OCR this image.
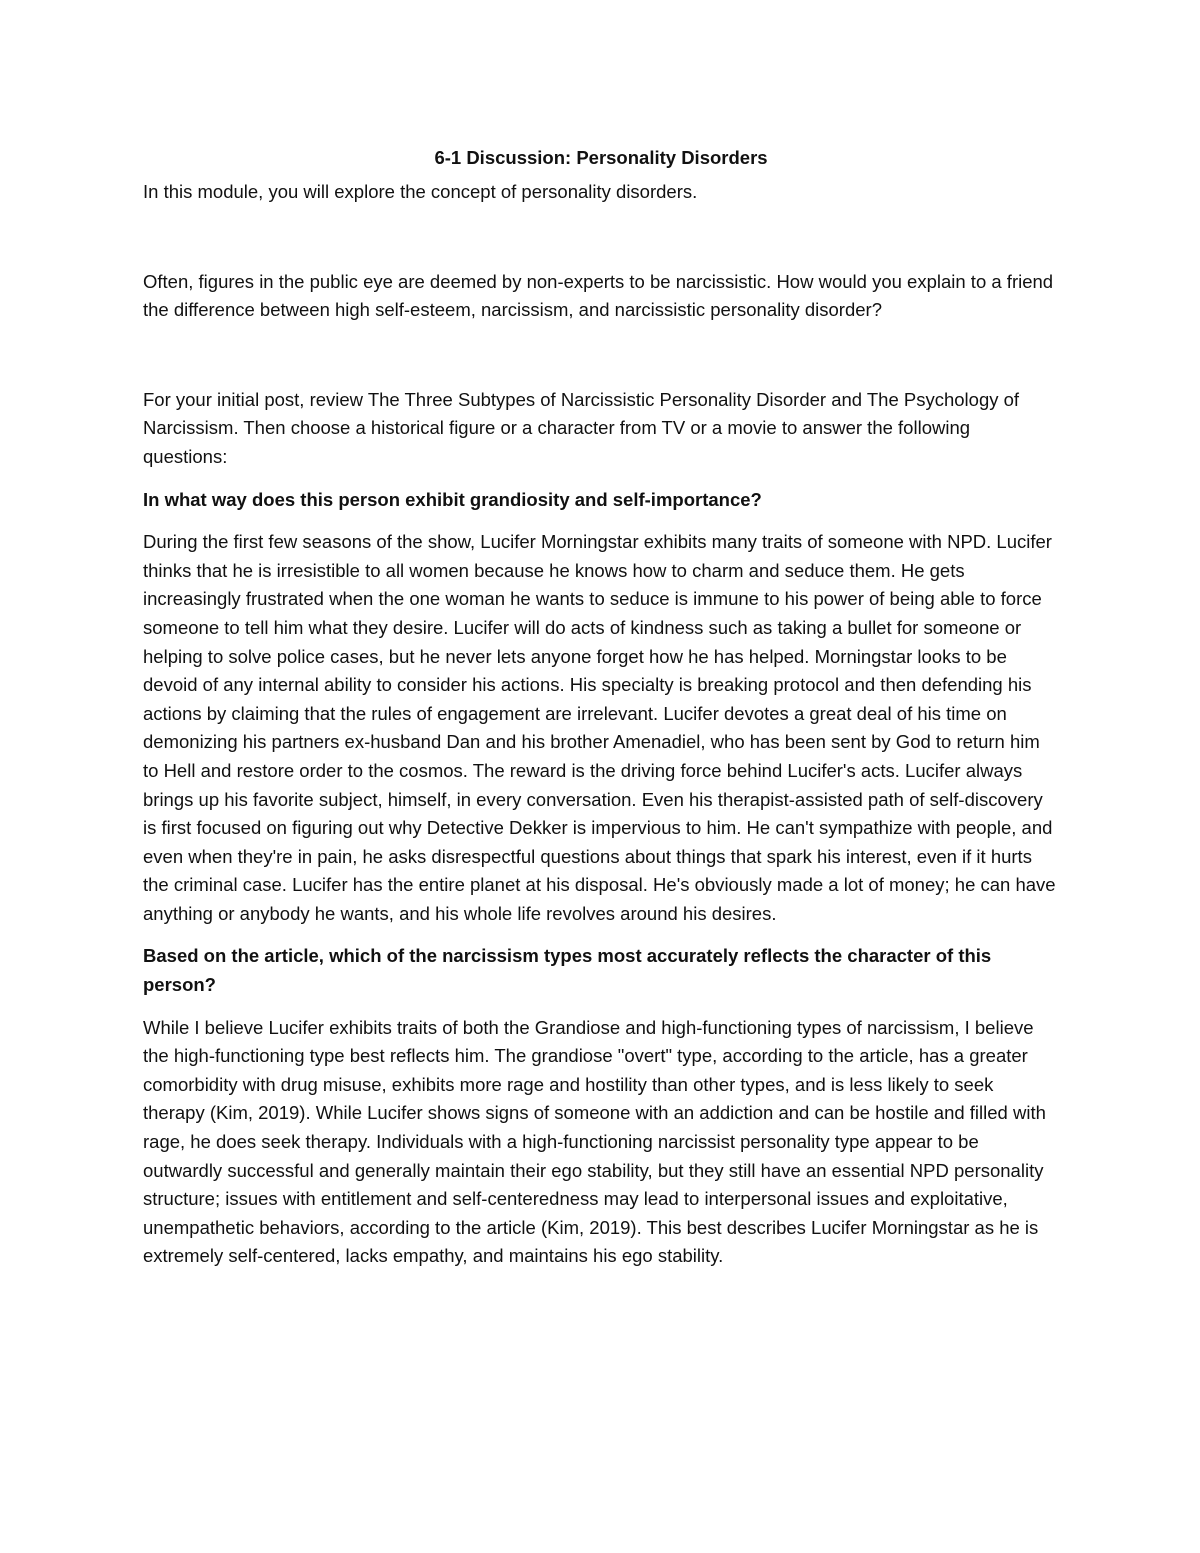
6-1 Discussion: Personality Disorders

In this module, you will explore the concept of personality disorders.

Often, figures in the public eye are deemed by non-experts to be narcissistic. How would you explain to a friend the difference between high self-esteem, narcissism, and narcissistic personality disorder?

For your initial post, review The Three Subtypes of Narcissistic Personality Disorder and The Psychology of Narcissism. Then choose a historical figure or a character from TV or a movie to answer the following questions:

In what way does this person exhibit grandiosity and self-importance?

During the first few seasons of the show, Lucifer Morningstar exhibits many traits of someone with NPD. Lucifer thinks that he is irresistible to all women because he knows how to charm and seduce them. He gets increasingly frustrated when the one woman he wants to seduce is immune to his power of being able to force someone to tell him what they desire. Lucifer will do acts of kindness such as taking a bullet for someone or helping to solve police cases, but he never lets anyone forget how he has helped. Morningstar looks to be devoid of any internal ability to consider his actions. His specialty is breaking protocol and then defending his actions by claiming that the rules of engagement are irrelevant. Lucifer devotes a great deal of his time on demonizing his partners ex-husband Dan and his brother Amenadiel, who has been sent by God to return him to Hell and restore order to the cosmos. The reward is the driving force behind Lucifer's acts. Lucifer always brings up his favorite subject, himself, in every conversation. Even his therapist-assisted path of self-discovery is first focused on figuring out why Detective Dekker is impervious to him. He can't sympathize with people, and even when they're in pain, he asks disrespectful questions about things that spark his interest, even if it hurts the criminal case. Lucifer has the entire planet at his disposal. He's obviously made a lot of money; he can have anything or anybody he wants, and his whole life revolves around his desires.

Based on the article, which of the narcissism types most accurately reflects the character of this person?

While I believe Lucifer exhibits traits of both the Grandiose and high-functioning types of narcissism, I believe the high-functioning type best reflects him. The grandiose "overt" type, according to the article, has a greater comorbidity with drug misuse, exhibits more rage and hostility than other types, and is less likely to seek therapy (Kim, 2019). While Lucifer shows signs of someone with an addiction and can be hostile and filled with rage, he does seek therapy. Individuals with a high-functioning narcissist personality type appear to be outwardly successful and generally maintain their ego stability, but they still have an essential NPD personality structure; issues with entitlement and self-centeredness may lead to interpersonal issues and exploitative, unempathetic behaviors, according to the article (Kim, 2019). This best describes Lucifer Morningstar as he is extremely self-centered, lacks empathy, and maintains his ego stability.
